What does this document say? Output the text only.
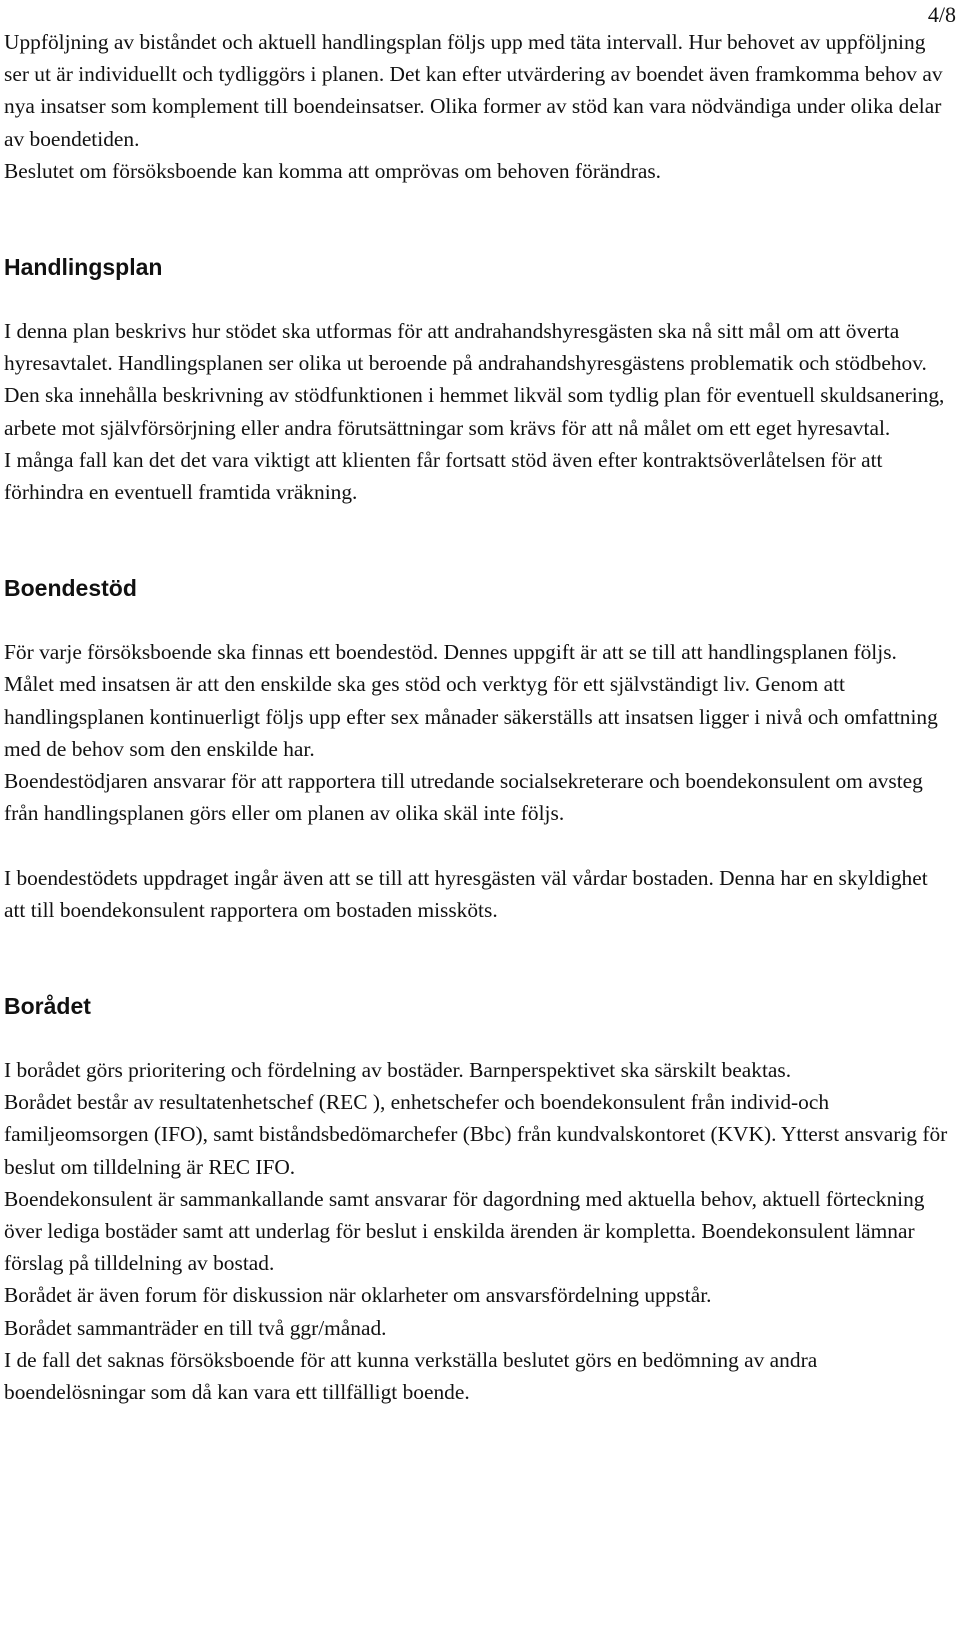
4/8

Uppföljning av biståndet och aktuell handlingsplan följs upp med täta intervall. Hur behovet av uppföljning ser ut är individuellt och tydliggörs i planen. Det kan efter utvärdering av boendet även framkomma behov av nya insatser som komplement till boendeinsatser. Olika former av stöd kan vara nödvändiga under olika delar av boendetiden.

Beslutet om försöksboende kan komma att omprövas om behoven förändras.

Handlingsplan

I denna plan beskrivs hur stödet ska utformas för att andrahandshyresgästen ska nå sitt mål om att överta hyresavtalet. Handlingsplanen ser olika ut beroende på andrahandshyresgästens problematik och stödbehov. Den ska innehålla beskrivning av stödfunktionen i hemmet likväl som tydlig plan för eventuell skuldsanering, arbete mot självförsörjning eller andra förutsättningar som krävs för att nå målet om ett eget hyresavtal.

I många fall kan det det vara viktigt att klienten får fortsatt stöd även efter kontraktsöverlåtelsen för att förhindra en eventuell framtida vräkning.

Boendestöd

För varje försöksboende ska finnas ett boendestöd. Dennes uppgift är att se till att handlingsplanen följs. Målet med insatsen är att den enskilde ska ges stöd och verktyg för ett självständigt liv. Genom att handlingsplanen kontinuerligt följs upp efter sex månader säkerställs att insatsen ligger i nivå och omfattning med de behov som den enskilde har.

Boendestödjaren ansvarar för att rapportera till utredande socialsekreterare och boendekonsulent om avsteg från handlingsplanen görs eller om planen av olika skäl inte följs.

I boendestödets uppdraget ingår även att se till att hyresgästen väl vårdar bostaden. Denna har en skyldighet att till boendekonsulent rapportera om bostaden missköts.

Borådet

I borådet görs prioritering och fördelning av bostäder. Barnperspektivet ska särskilt beaktas.

Borådet består av resultatenhetschef (REC ), enhetschefer och boendekonsulent från individ-och familjeomsorgen (IFO), samt biståndsbedömarchefer (Bbc) från kundvalskontoret (KVK). Ytterst ansvarig för beslut om tilldelning är REC IFO.

Boendekonsulent är sammankallande samt ansvarar för dagordning med aktuella behov, aktuell förteckning över lediga bostäder samt att underlag för beslut i enskilda ärenden är kompletta. Boendekonsulent lämnar förslag på tilldelning av bostad.

Borådet är även forum för diskussion när oklarheter om ansvarsfördelning uppstår.

Borådet sammanträder en till två ggr/månad.

I de fall det saknas försöksboende för att kunna verkställa beslutet görs en bedömning av andra boendelösningar som då kan vara ett tillfälligt boende.
